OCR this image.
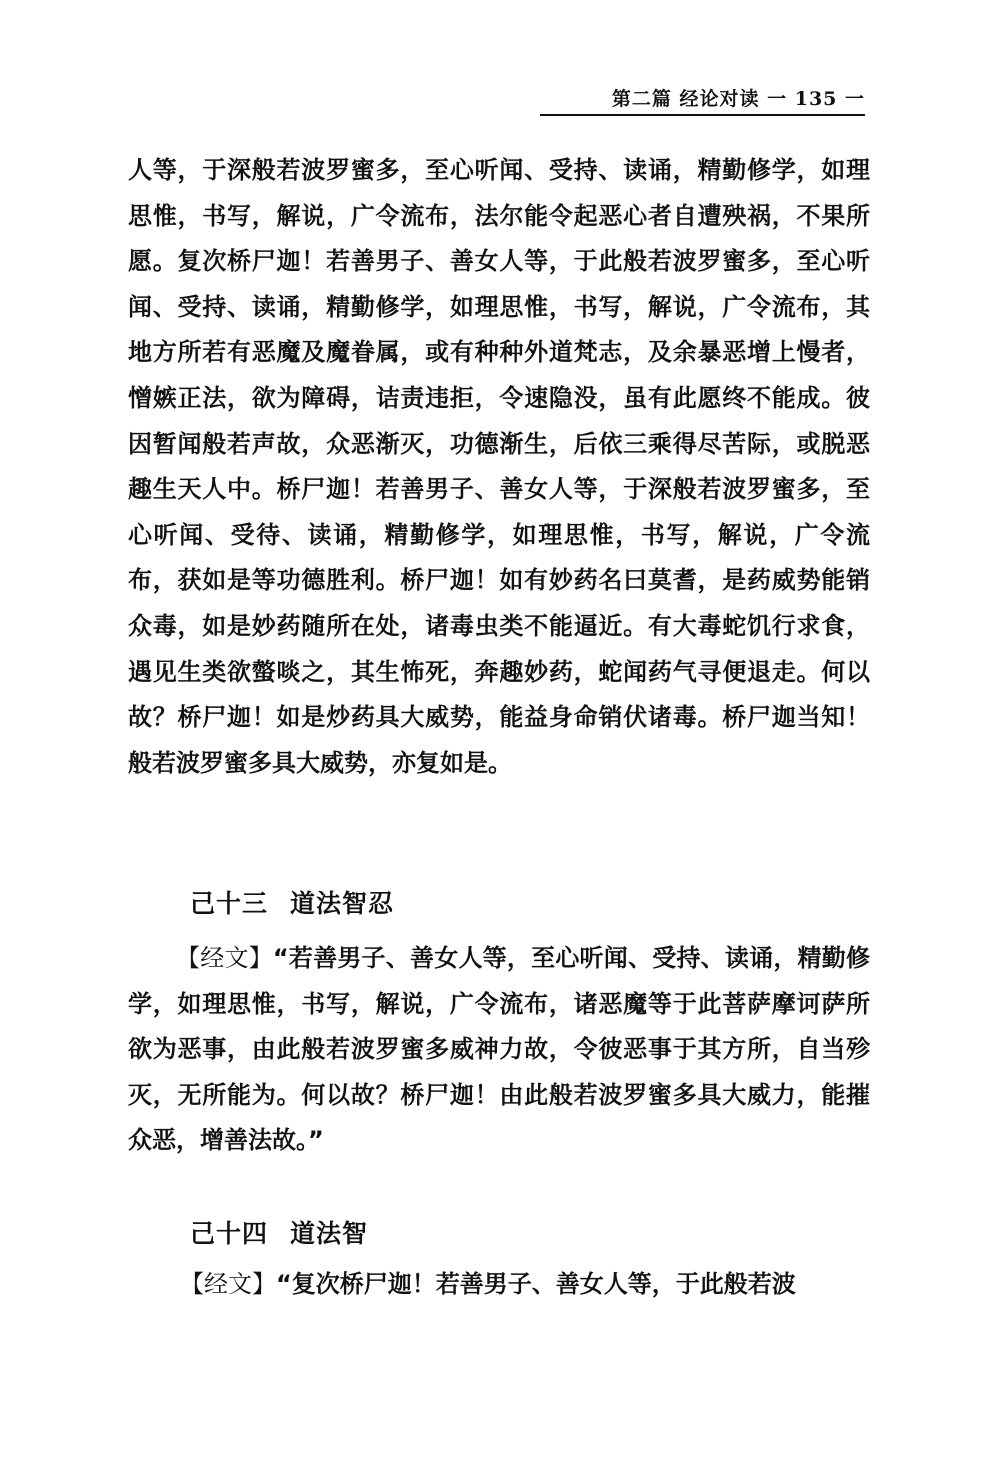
第二篇 经论对读 一 135 一

人等，于深般若波罗蜜多，至心听闻、受持、读诵，精勤修学，如理思惟，书写，解说，广令流布，法尔能令起恶心者自遭殃祸，不果所愿。复次桥尸迦！若善男子、善女人等，于此般若波罗蜜多，至心听闻、受持、读诵，精勤修学，如理思惟，书写，解说，广令流布，其地方所若有恶魔及魔眷属，或有种种外道梵志，及余暴恶增上慢者，憎嫉正法，欲为障碍，诘责违拒，令速隐没，虽有此愿终不能成。彼因暂闻般若声故，众恶渐灭，功德渐生，后依三乘得尽苦际，或脱恶趣生天人中。桥尸迦！若善男子、善女人等，于深般若波罗蜜多，至心听闻、受待、读诵，精勤修学，如理思惟，书写，解说，广令流布，获如是等功德胜利。桥尸迦！如有妙药名曰莫耆，是药威势能销众毒，如是妙药随所在处，诸毒虫类不能逼近。有大毒蛇饥行求食，遇见生类欲螫啖之，其生怖死，奔趣妙药，蛇闻药气寻便退走。何以故？桥尸迦！如是炒药具大威势，能益身命销伏诸毒。桥尸迦当知！般若波罗蜜多具大威势，亦复如是。

己十三 道法智忍

【经文】“若善男子、善女人等，至心听闻、受持、读诵，精勤修学，如理思惟，书写，解说，广令流布，诸恶魔等于此菩萨摩诃萨所欲为恶事，由此般若波罗蜜多威神力故，令彼恶事于其方所，自当殄灭，无所能为。何以故？桥尸迦！由此般若波罗蜜多具大威力，能摧众恶，增善法故。”

己十四 道法智

【经文】“复次桥尸迦！若善男子、善女人等，于此般若波
